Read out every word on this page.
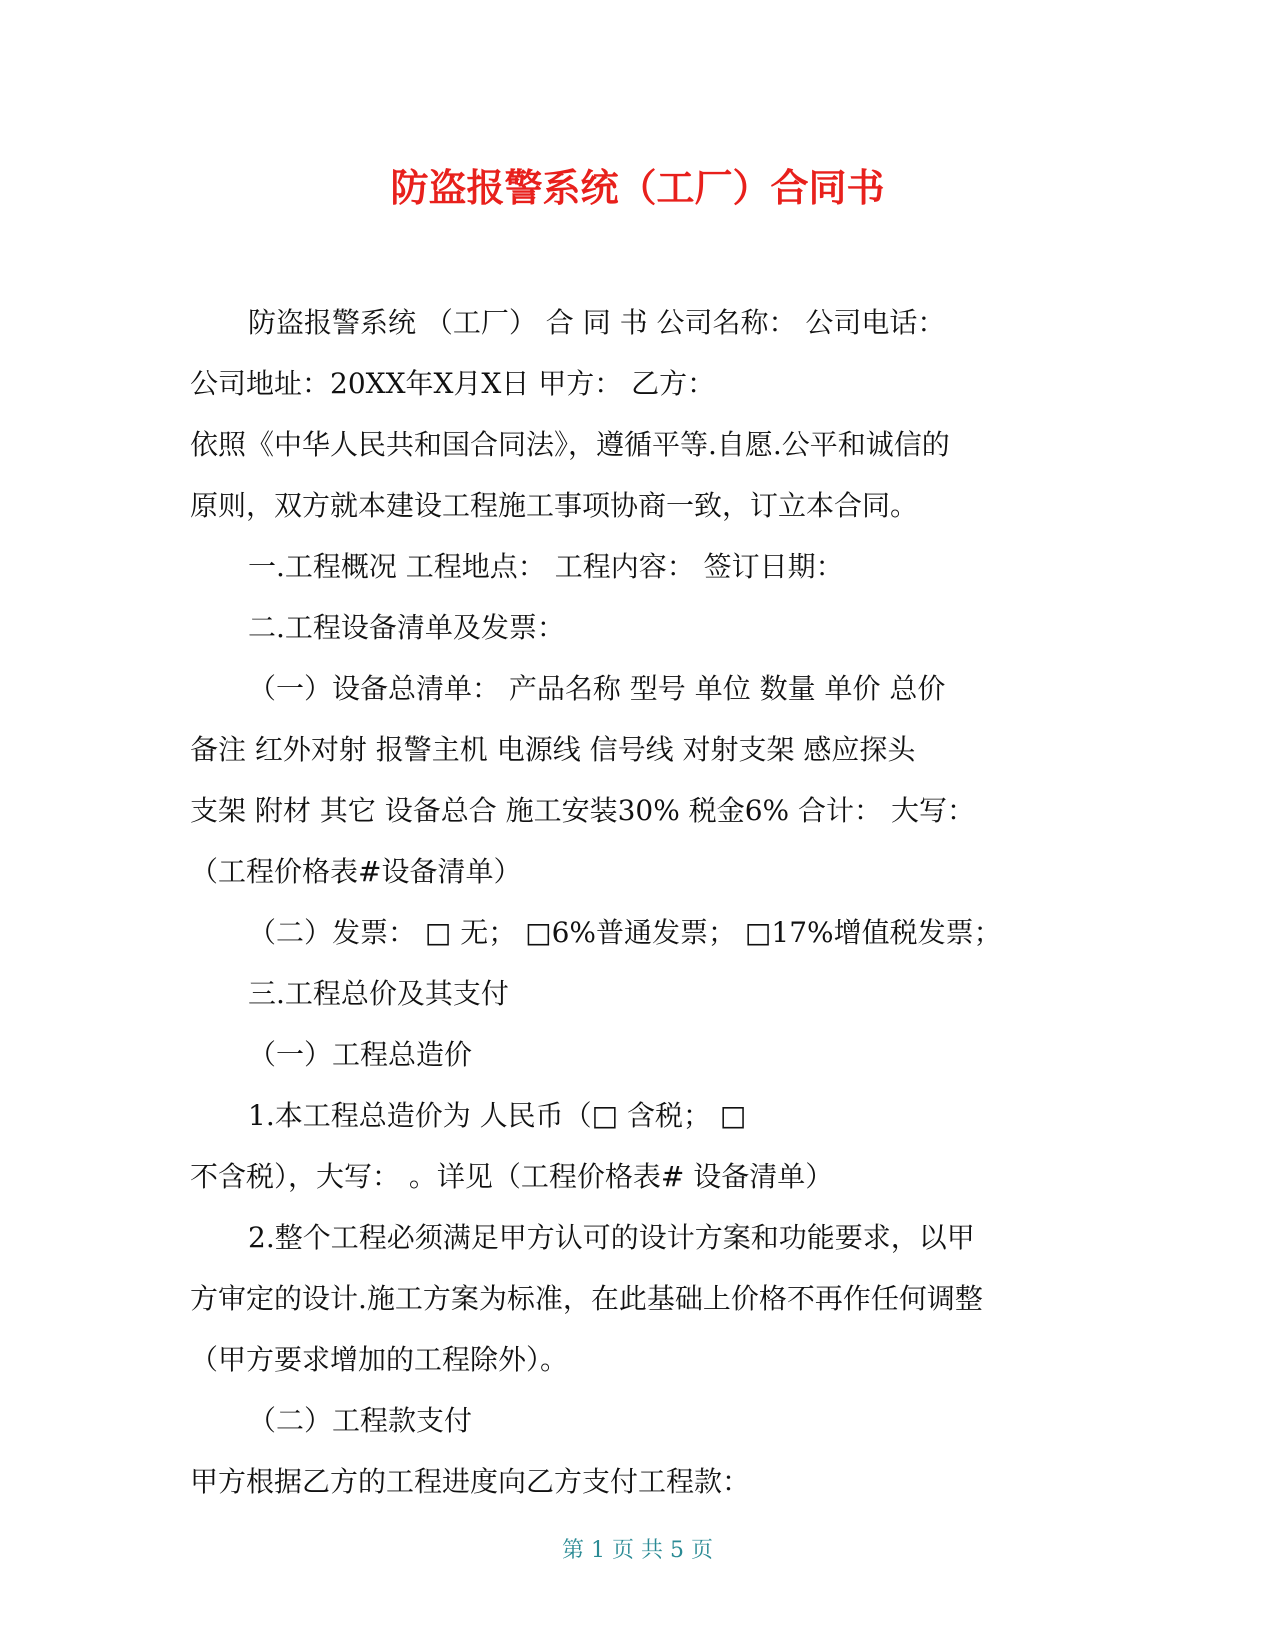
防盗报警系统（工厂）合同书
防盗报警系统 （工厂） 合 同 书 公司名称： 公司电话：
公司地址：20XX年X月X日 甲方： 乙方：
依照《中华人民共和国合同法》，遵循平等.自愿.公平和诚信的
原则，双方就本建设工程施工事项协商一致，订立本合同。
一.工程概况 工程地点： 工程内容： 签订日期：
二.工程设备清单及发票：
（一）设备总清单： 产品名称 型号 单位 数量 单价 总价
备注 红外对射 报警主机 电源线 信号线 对射支架 感应探头
支架 附材 其它 设备总合 施工安装30% 税金6% 合计： 大写：
（工程价格表#设备清单）
（二）发票： □ 无； □6%普通发票； □17%增值税发票；
三.工程总价及其支付
（一）工程总造价
1.本工程总造价为 人民币（□ 含税； □
不含税），大写： 。详见（工程价格表# 设备清单）
2.整个工程必须满足甲方认可的设计方案和功能要求，以甲
方审定的设计.施工方案为标准，在此基础上价格不再作任何调整
（甲方要求增加的工程除外）。
（二）工程款支付
甲方根据乙方的工程进度向乙方支付工程款：
第 1 页 共 5 页
